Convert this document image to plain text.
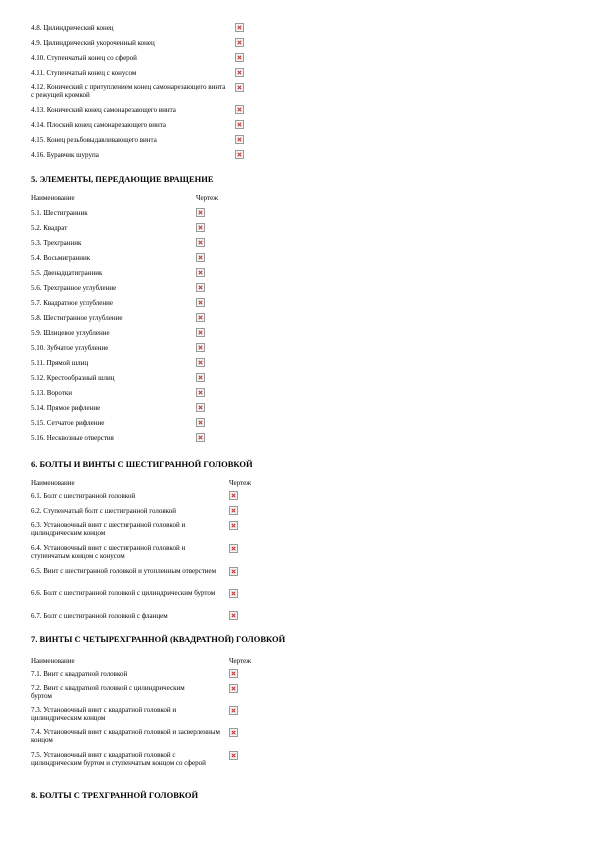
4.8. Цилиндрический конец
4.9. Цилиндрический укороченный конец
4.10. Ступенчатый конец со сферой
4.11. Ступенчатый конец с конусом
4.12. Конический с притуплением конец самонарезающего винта с режущей кромкой
4.13. Конический конец самонарезающего винта
4.14. Плоский конец самонарезающего винта
4.15. Конец резьбовыдавливающего винта
4.16. Буравчик шурупа
5. ЭЛЕМЕНТЫ, ПЕРЕДАЮЩИЕ ВРАЩЕНИЕ
Наименование	Чертеж
5.1. Шестигранник
5.2. Квадрат
5.3. Трехгранник
5.4. Восьмигранник
5.5. Двенадцатигранник
5.6. Трехгранное углубление
5.7. Квадратное углубление
5.8. Шестигранное углубление
5.9. Шлицевое углубление
5.10. Зубчатое углубление
5.11. Прямой шлиц
5.12. Крестообразный шлиц
5.13. Воротки
5.14. Прямое рифление
5.15. Сетчатое рифление
5.16. Несквозные отверстия
6. БОЛТЫ И ВИНТЫ С ШЕСТИГРАННОЙ ГОЛОВКОЙ
Наименование	Чертеж
6.1. Болт с шестигранной головкой
6.2. Ступенчатый болт с шестигранной головкой
6.3. Установочный винт с шестигранной головкой и цилиндрическим концом
6.4. Установочный винт с шестигранной головкой и ступенчатым концом с конусом
6.5. Винт с шестигранной головкой и утопленным отверстием
6.6. Болт с шестигранной головкой с цилиндрическим буртом
6.7. Болт с шестигранной головкой с фланцем
7. ВИНТЫ С ЧЕТЫРЕХГРАННОЙ (КВАДРАТНОЙ) ГОЛОВКОЙ
Наименование	Чертеж
7.1. Винт с квадратной головкой
7.2. Винт с квадратной головкой с цилиндрическим буртом
7.3. Установочный винт с квадратной головкой и цилиндрическим концом
7.4. Установочный винт с квадратной головкой и засверленным концом
7.5. Установочный винт с квадратной головкой с цилиндрическим буртом и ступенчатым концом со сферой
8. БОЛТЫ С ТРЕХГРАННОЙ ГОЛОВКОЙ
